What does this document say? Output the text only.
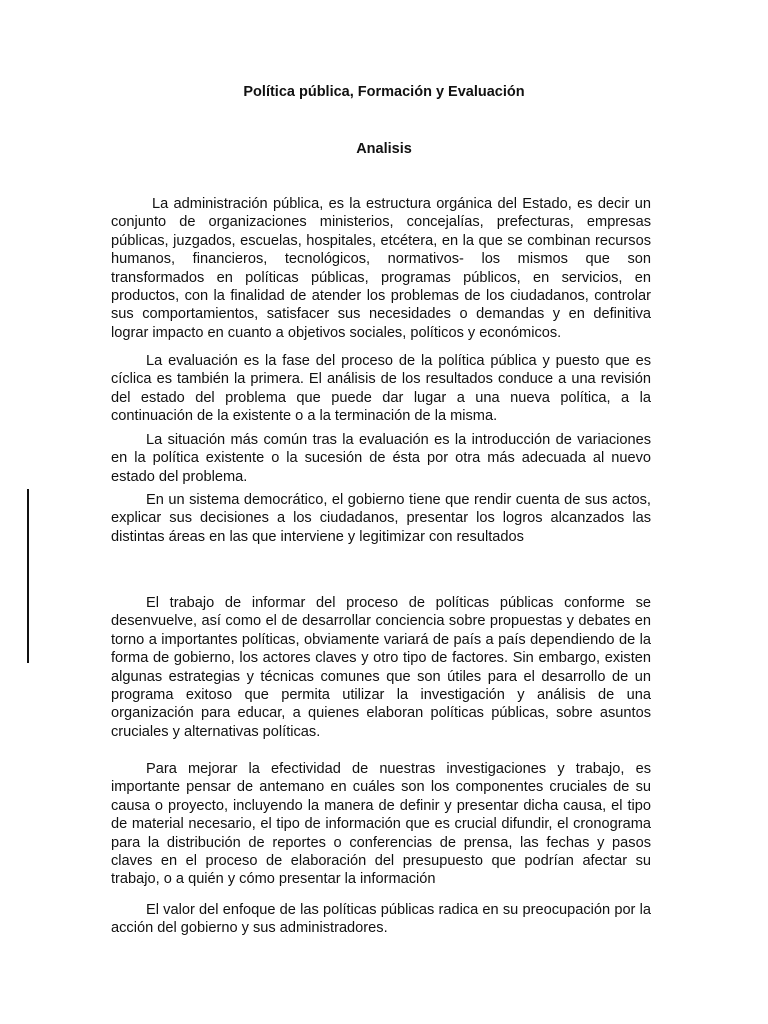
Política pública, Formación y Evaluación
Analisis

La administración pública, es la estructura orgánica del Estado, es decir un conjunto de organizaciones ministerios, concejalías, prefecturas, empresas públicas, juzgados, escuelas, hospitales, etcétera, en la que se combinan recursos humanos, financieros, tecnológicos, normativos- los mismos que son transformados en políticas públicas, programas públicos, en servicios, en productos, con la finalidad de atender los problemas de los ciudadanos, controlar sus comportamientos, satisfacer sus necesidades o demandas y en definitiva lograr impacto en cuanto a objetivos sociales, políticos y económicos.

La evaluación es la fase del proceso de la política pública y puesto que es cíclica es también la primera. El análisis de los resultados conduce a una revisión del estado del problema que puede dar lugar a una nueva política, a la continuación de la existente o a la terminación de la misma.

La situación más común tras la evaluación es la introducción de variaciones en la política existente o la sucesión de ésta por otra más adecuada al nuevo estado del problema.

En un sistema democrático, el gobierno tiene que rendir cuenta de sus actos, explicar sus decisiones a los ciudadanos, presentar los logros alcanzados las distintas áreas en las que interviene y legitimizar con resultados

El trabajo de informar del proceso de políticas públicas conforme se desenvuelve, así como el de desarrollar conciencia sobre propuestas y debates en torno a importantes políticas, obviamente variará de país a país dependiendo de la forma de gobierno, los actores claves y otro tipo de factores. Sin embargo, existen algunas estrategias y técnicas comunes que son útiles para el desarrollo de un programa exitoso que permita utilizar la investigación y análisis de una organización para educar, a quienes elaboran políticas públicas, sobre asuntos cruciales y alternativas políticas.

Para mejorar la efectividad de nuestras investigaciones y trabajo, es importante pensar de antemano en cuáles son los componentes cruciales de su causa o proyecto, incluyendo la manera de definir y presentar dicha causa, el tipo de material necesario, el tipo de información que es crucial difundir, el cronograma para la distribución de reportes o conferencias de prensa, las fechas y pasos claves en el proceso de elaboración del presupuesto que podrían afectar su trabajo, o a quién y cómo presentar la información

El valor del enfoque de las políticas públicas radica en su preocupación por la acción del gobierno y sus administradores.
